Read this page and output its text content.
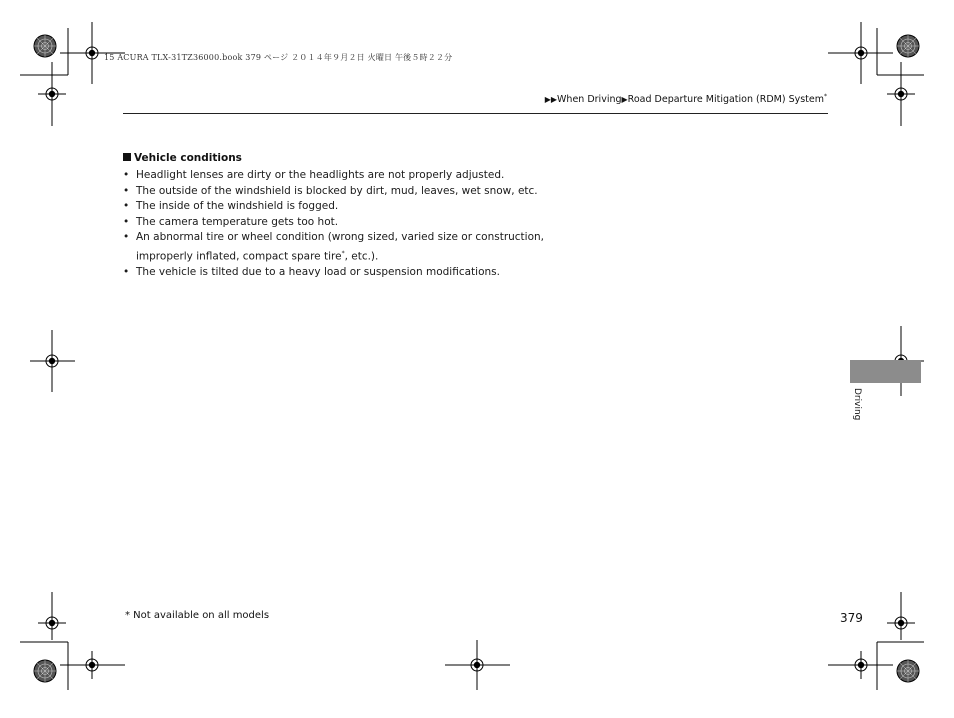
15 ACURA TLX-31TZ36000.book 379 ページ ２０１４年９月２日 火曜日 午後５時２２分
▶▶When Driving▶Road Departure Mitigation (RDM) System*
Vehicle conditions
• Headlight lenses are dirty or the headlights are not properly adjusted.
• The outside of the windshield is blocked by dirt, mud, leaves, wet snow, etc.
• The inside of the windshield is fogged.
• The camera temperature gets too hot.
• An abnormal tire or wheel condition (wrong sized, varied size or construction, improperly inflated, compact spare tire*, etc.).
• The vehicle is tilted due to a heavy load or suspension modifications.
Driving
* Not available on all models	379
